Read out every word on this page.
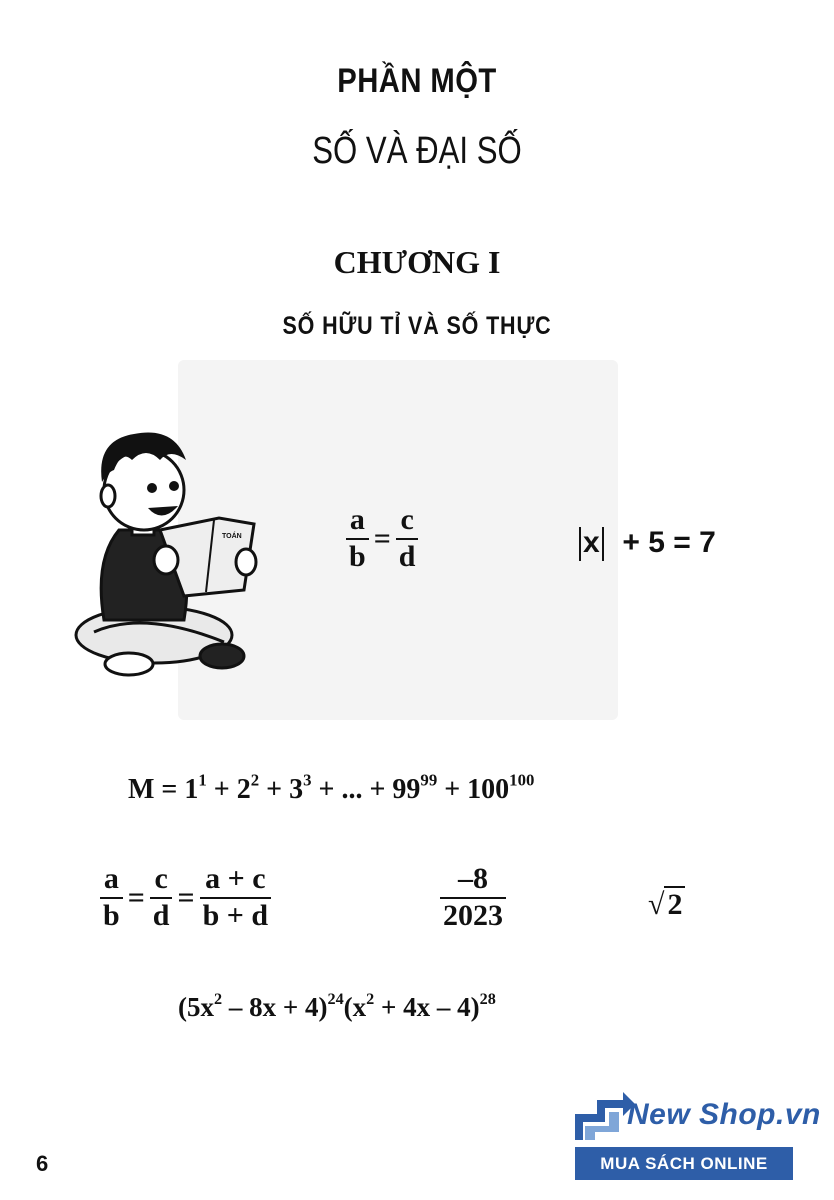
PHẦN MỘT
SỐ VÀ ĐẠI SỐ
CHƯƠNG I
SỐ HỮU TỈ VÀ SỐ THỰC
TOÁN	$\frac{a}{b} = \frac{c}{d}$	x + 5 = 7
$M = 1^1 + 2^2 + 3^3$ + ... + $99^{99} + 100^{100}$
$\frac{a}{b} = \frac{c}{d} = \frac{a + c}{b + d}$	$\frac{-8}{2023}$	√ 2
$(5x^2 - 8x + 4)^{24}(x^2 + 4x - 4)^{28}$
6
New Shop.vn
MUA SÁCH ONLINE
